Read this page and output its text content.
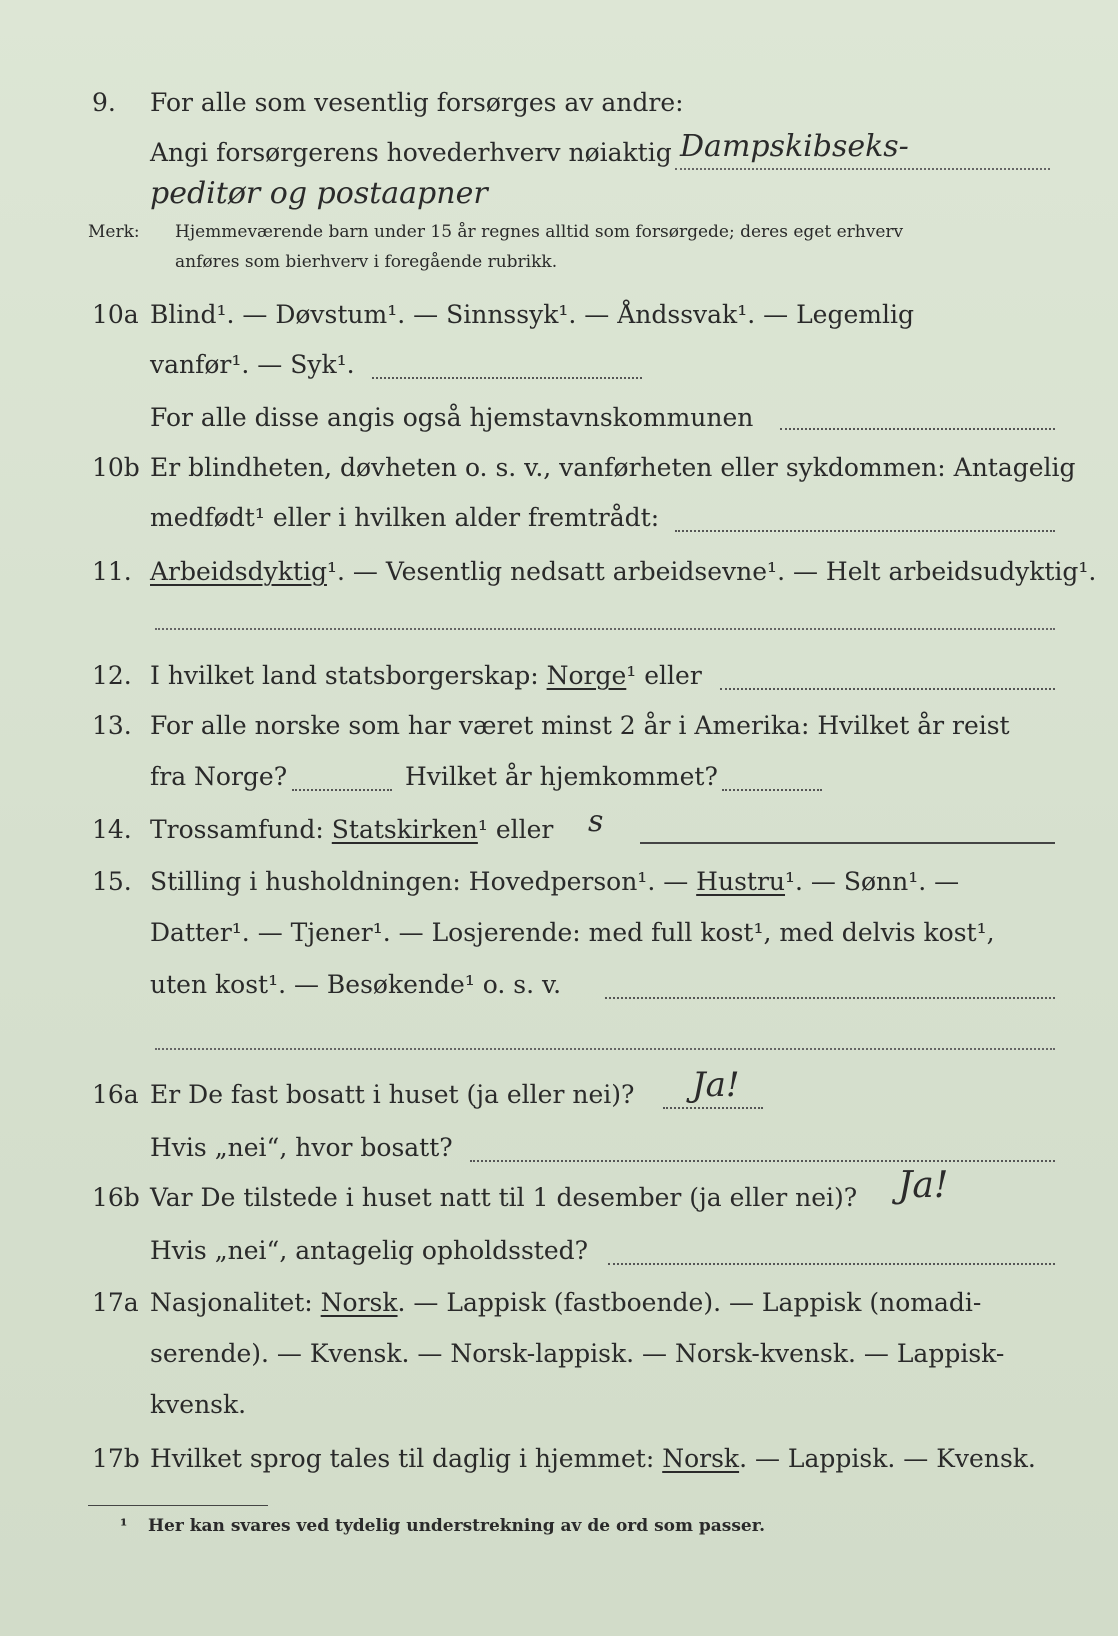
9. For alle som vesentlig forsørges av andre:
Angi forsørgerens hovederhverv nøiaktig Dampskibseks-
peditør og postaapner
Merk: Hjemmeværende barn under 15 år regnes alltid som forsørgede; deres eget erhverv
anføres som bierhverv i foregående rubrikk.
10a Blind¹. — Døvstum¹. — Sinnssyk¹. — Åndssvak¹. — Legemlig
vanfør¹. — Syk¹.
For alle disse angis også hjemstavnskommunen
10b Er blindheten, døvheten o. s. v., vanførheten eller sykdommen: Antagelig
medfødt¹ eller i hvilken alder fremtrådt:
11. Arbeidsdyktig¹. — Vesentlig nedsatt arbeidsevne¹. — Helt arbeidsudyktig¹.
12. I hvilket land statsborgerskap: Norge¹ eller
13. For alle norske som har været minst 2 år i Amerika: Hvilket år reist
fra Norge?	Hvilket år hjemkommet?
14. Trossamfund: Statskirken¹ eller s
15. Stilling i husholdningen: Hovedperson¹. — Hustru¹. — Sønn¹. —
Datter¹. — Tjener¹. — Losjerende: med full kost¹, med delvis kost¹,
uten kost¹. — Besøkende¹ o. s. v.
16a Er De fast bosatt i huset (ja eller nei)? Ja!
Hvis „nei“, hvor bosatt?
16b Var De tilstede i huset natt til 1 desember (ja eller nei)? Ja!
Hvis „nei“, antagelig opholdssted?
17a Nasjonalitet: Norsk. — Lappisk (fastboende). — Lappisk (nomadi-
serende). — Kvensk. — Norsk-lappisk. — Norsk-kvensk. — Lappisk-
kvensk.
17b Hvilket sprog tales til daglig i hjemmet: Norsk. — Lappisk. — Kvensk.
¹ Her kan svares ved tydelig understrekning av de ord som passer.
